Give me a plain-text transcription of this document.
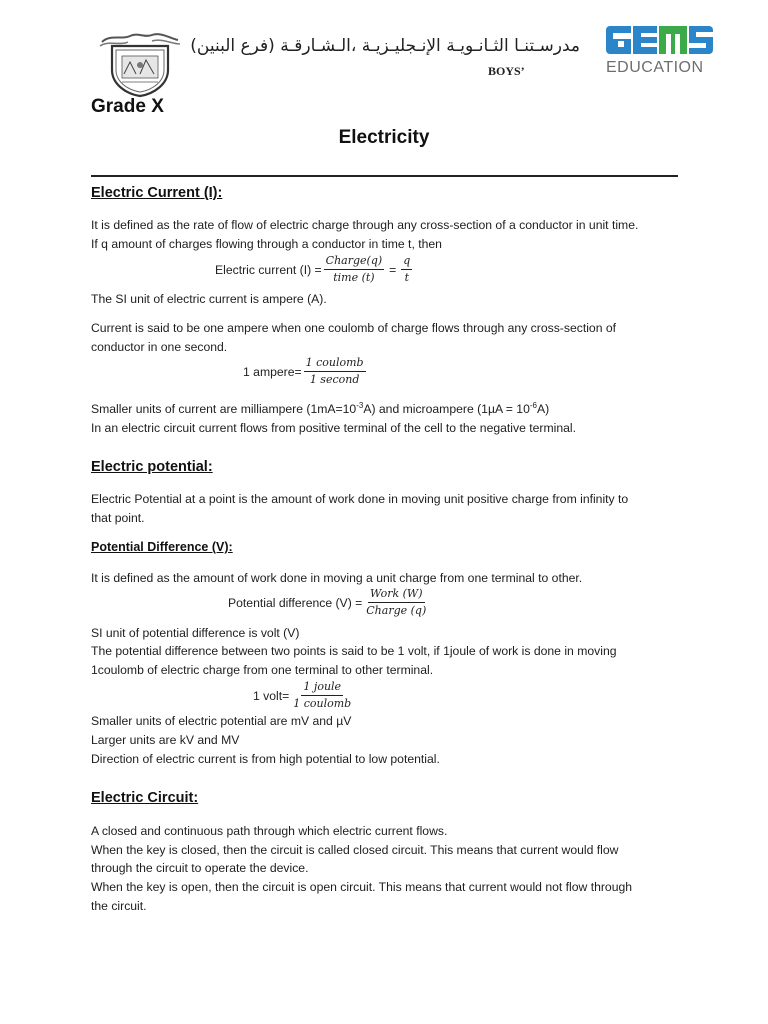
مدرسـتنـا الثـانـويـة الإنـجليـزيـة ،الـشـارقـة (فرع البنين)
BOYS’	EDUCATION
Grade X
Electricity
Electric Current (I):
It is defined as the rate of flow of electric charge through any cross-section of a conductor in unit time.
If q amount of charges flowing through a conductor in time t, then
Electric current $(I) = \frac{\text{Charge(q)}}{\text{time (t)}} = \frac{q}{t}$
The SI unit of electric current is ampere (A).
Current is said to be one ampere when one coulomb of charge flows through any cross-section of
conductor in one second.
1 ampere= $\frac{\text{1 coulomb}}{\text{1 second}}$
Smaller units of current are milliampere $(1mA=10^{-3}A)$ and microampere $(1\mu A = 10^{-6}A)$
In an electric circuit current flows from positive terminal of the cell to the negative terminal.
Electric potential:
Electric Potential at a point is the amount of work done in moving unit positive charge from infinity to
that point.
Potential Difference (V):
It is defined as the amount of work done in moving a unit charge from one terminal to other.
Potential difference $(V) = \frac{\text{Work (W)}}{\text{Charge (q)}}$
SI unit of potential difference is volt (V)
The potential difference between two points is said to be 1 volt, if 1joule of work is done in moving
1coulomb of electric charge from one terminal to other terminal.
1 volt= $\frac{\text{1 joule}}{\text{1 coulomb}}$
Smaller units of electric potential are mV and µV
Larger units are kV and MV
Direction of electric current is from high potential to low potential.
Electric Circuit:
A closed and continuous path through which electric current flows.
When the key is closed, then the circuit is called closed circuit. This means that current would flow
through the circuit to operate the device.
When the key is open, then the circuit is open circuit. This means that current would not flow through
the circuit.
